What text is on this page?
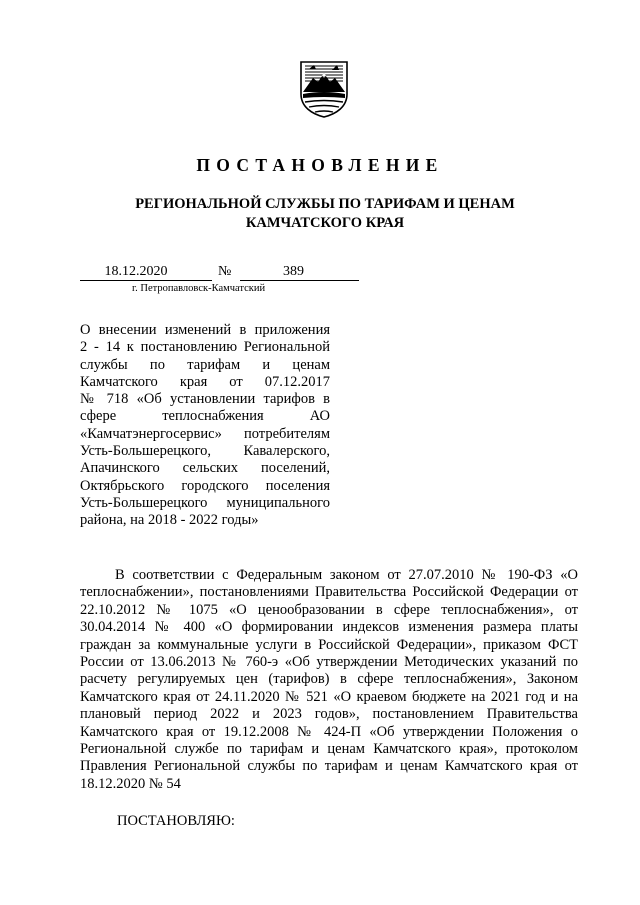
ПОСТАНОВЛЕНИЕ
РЕГИОНАЛЬНОЙ СЛУЖБЫ ПО ТАРИФАМ И ЦЕНАМ
КАМЧАТСКОГО КРАЯ
18.12.2020	№	389
г. Петропавловск-Камчатский
О внесении изменений в приложения
2 - 14 к постановлению Региональной
службы по тарифам и ценам
Камчатского края от 07.12.2017
№ 718 «Об установлении тарифов в
сфере теплоснабжения АО
«Камчатэнергосервис» потребителям
Усть-Большерецкого, Кавалерского,
Апачинского сельских поселений,
Октябрьского городского поселения
Усть-Большерецкого муниципального
района, на 2018 - 2022 годы»
В соответствии с Федеральным законом от 27.07.2010 № 190-ФЗ «О
теплоснабжении», постановлениями Правительства Российской Федерации от
22.10.2012 № 1075 «О ценообразовании в сфере теплоснабжения», от
30.04.2014 № 400 «О формировании индексов изменения размера платы
граждан за коммунальные услуги в Российской Федерации», приказом ФСТ
России от 13.06.2013 № 760-э «Об утверждении Методических указаний по
расчету регулируемых цен (тарифов) в сфере теплоснабжения», Законом
Камчатского края от 24.11.2020 № 521 «О краевом бюджете на 2021 год и на
плановый период 2022 и 2023 годов», постановлением Правительства
Камчатского края от 19.12.2008 № 424-П «Об утверждении Положения о
Региональной службе по тарифам и ценам Камчатского края», протоколом
Правления Региональной службы по тарифам и ценам Камчатского края от
18.12.2020 № 54
ПОСТАНОВЛЯЮ:
